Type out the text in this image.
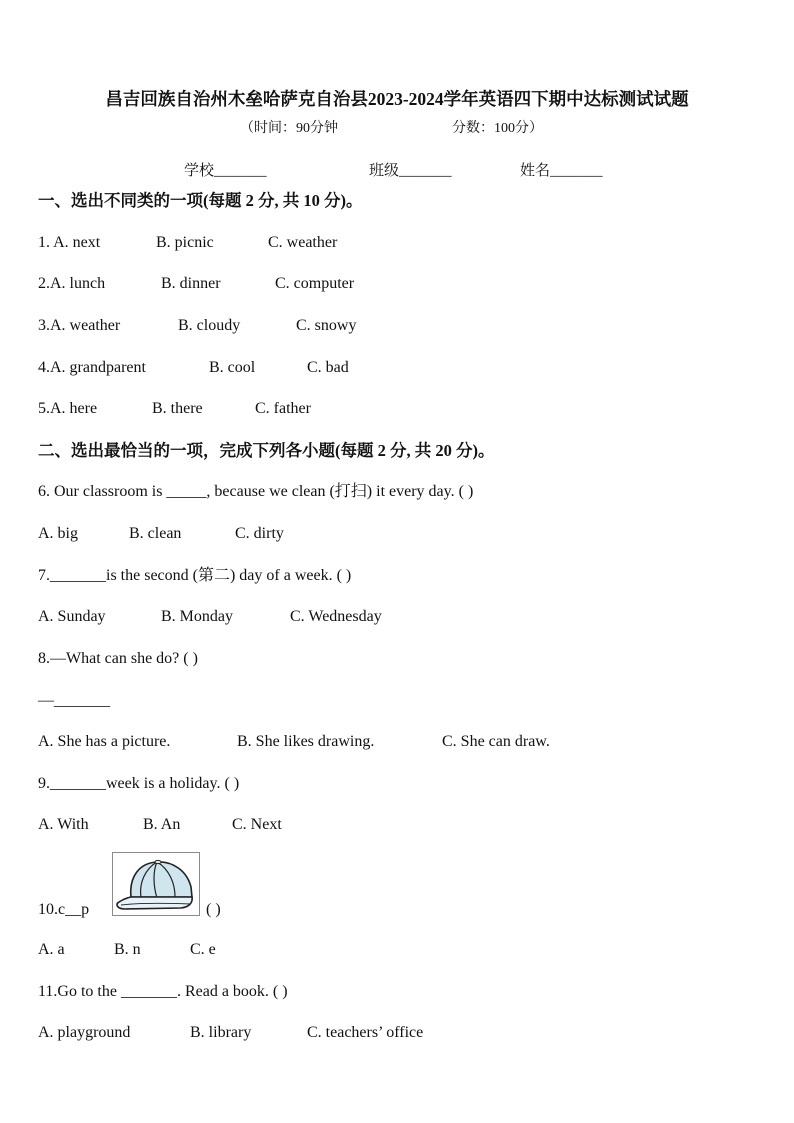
昌吉回族自治州木垒哈萨克自治县2023-2024学年英语四下期中达标测试试题
（时间：90分钟	分数：100分）
学校_______	班级_______	姓名_______
一、选出不同类的一项(每题 2 分, 共 10 分)。
1. A. next	B. picnic	C. weather
2.A. lunch	B. dinner	C. computer
3.A. weather	B. cloudy	C. snowy
4.A. grandparent	B. cool	C. bad
5.A. here	B. there	C. father
二、选出最恰当的一项，完成下列各小题(每题 2 分, 共 20 分)。
6. Our classroom is _____, because we clean (打扫) it every day. ( )
A. big	B. clean	C. dirty
7._______is the second (第二) day of a week. ( )
A. Sunday	B. Monday	C. Wednesday
8.—What can she do? ( )
—_______
A. She has a picture.	B. She likes drawing.	C. She can draw.
9._______week is a holiday. ( )
A. With	B. An	C. Next
10.c__p	( )
A. a	B. n	C. e
11.Go to the _______. Read a book. ( )
A. playground	B. library	C. teachers’ office
